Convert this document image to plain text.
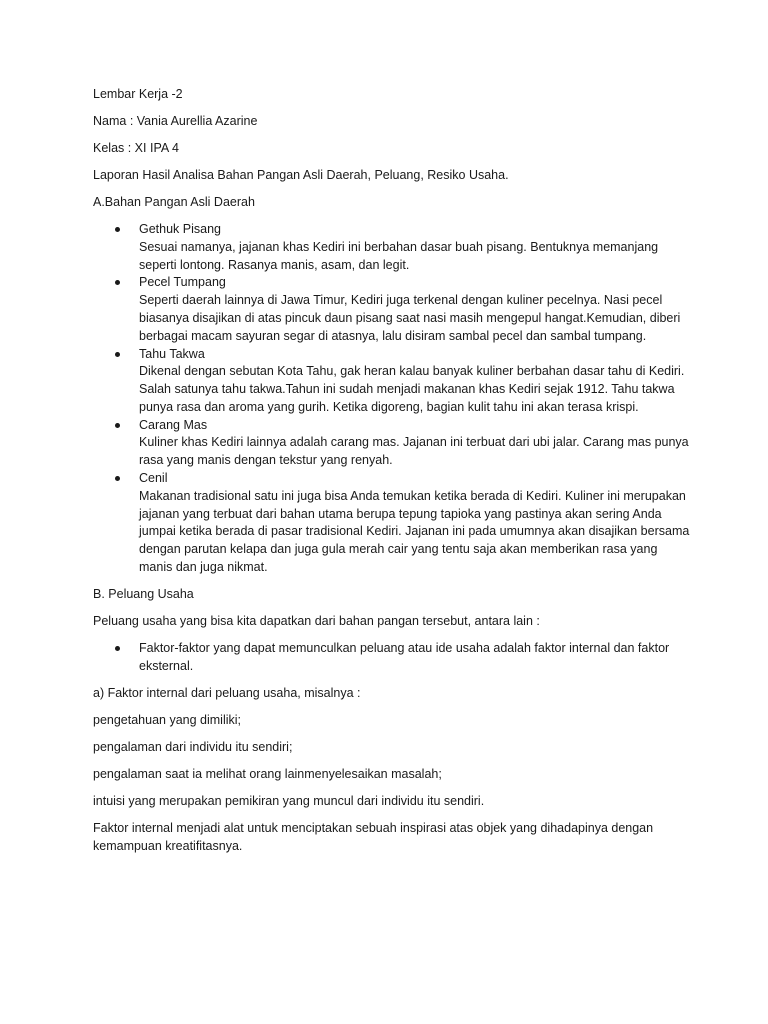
Lembar Kerja -2

Nama : Vania Aurellia Azarine

Kelas : XI IPA 4

Laporan Hasil Analisa Bahan Pangan Asli Daerah, Peluang, Resiko Usaha.

A.Bahan Pangan Asli Daerah

Gethuk Pisang
Sesuai namanya, jajanan khas Kediri ini berbahan dasar buah pisang. Bentuknya memanjang seperti lontong. Rasanya manis, asam, dan legit.
Pecel Tumpang
Seperti daerah lainnya di Jawa Timur, Kediri juga terkenal dengan kuliner pecelnya. Nasi pecel biasanya disajikan di atas pincuk daun pisang saat nasi masih mengepul hangat.Kemudian, diberi berbagai macam sayuran segar di atasnya, lalu disiram sambal pecel dan sambal tumpang.
Tahu Takwa
Dikenal dengan sebutan Kota Tahu, gak heran kalau banyak kuliner berbahan dasar tahu di Kediri. Salah satunya tahu takwa.Tahun ini sudah menjadi makanan khas Kediri sejak 1912. Tahu takwa punya rasa dan aroma yang gurih. Ketika digoreng, bagian kulit tahu ini akan terasa krispi.
Carang Mas
Kuliner khas Kediri lainnya adalah carang mas. Jajanan ini terbuat dari ubi jalar. Carang mas punya rasa yang manis dengan tekstur yang renyah.
Cenil
Makanan tradisional satu ini juga bisa Anda temukan ketika berada di Kediri. Kuliner ini merupakan jajanan yang terbuat dari bahan utama berupa tepung tapioka yang pastinya akan sering Anda jumpai ketika berada di pasar tradisional Kediri. Jajanan ini pada umumnya akan disajikan bersama dengan parutan kelapa dan juga gula merah cair yang tentu saja akan memberikan rasa yang manis dan juga nikmat.

B. Peluang Usaha

Peluang usaha yang bisa kita dapatkan dari bahan pangan tersebut, antara lain :

Faktor-faktor yang dapat memunculkan peluang atau ide usaha adalah faktor internal dan faktor eksternal.

a) Faktor internal dari peluang usaha, misalnya :

pengetahuan yang dimiliki;

pengalaman dari individu itu sendiri;

pengalaman saat ia melihat orang lainmenyelesaikan masalah;

intuisi yang merupakan pemikiran yang muncul dari individu itu sendiri.

Faktor internal menjadi alat untuk menciptakan sebuah inspirasi atas objek yang dihadapinya dengan kemampuan kreatifitasnya.
